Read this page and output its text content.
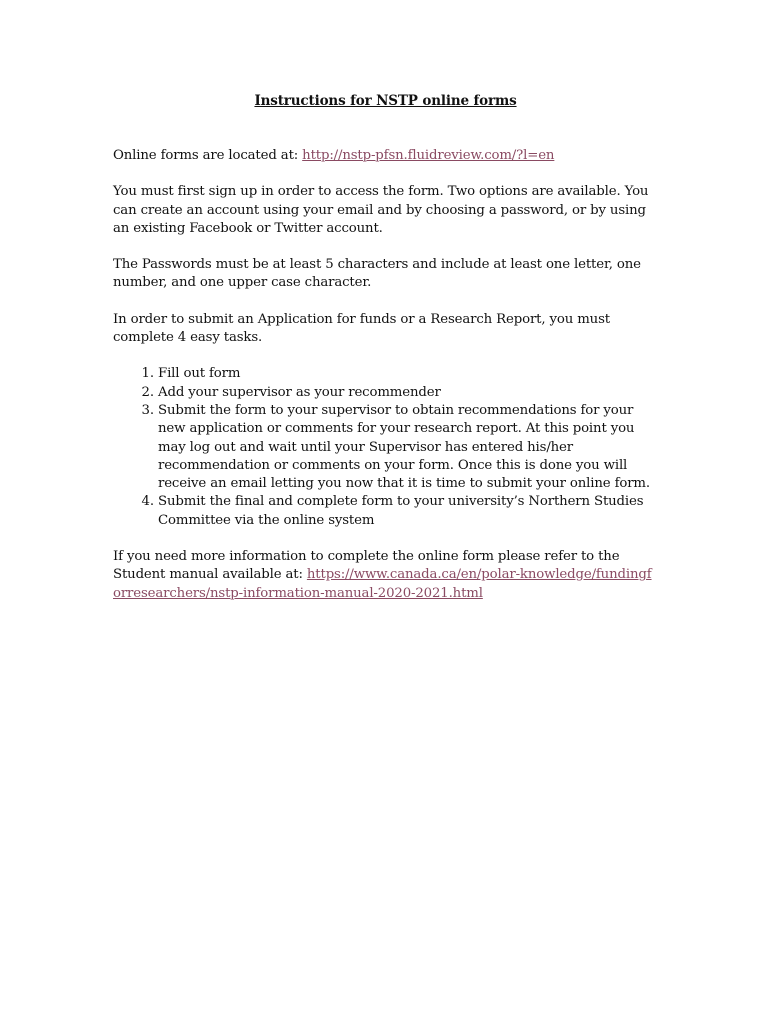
Instructions for NSTP online forms

Online forms are located at: http://nstp-pfsn.fluidreview.com/?l=en

You must first sign up in order to access the form. Two options are available. You can create an account using your email and by choosing a password, or by using an existing Facebook or Twitter account.

The Passwords must be at least 5 characters and include at least one letter, one number, and one upper case character.

In order to submit an Application for funds or a Research Report, you must complete 4 easy tasks.

1. Fill out form
2. Add your supervisor as your recommender
3. Submit the form to your supervisor to obtain recommendations for your new application or comments for your research report. At this point you may log out and wait until your Supervisor has entered his/her recommendation or comments on your form. Once this is done you will receive an email letting you now that it is time to submit your online form.
4. Submit the final and complete form to your university’s Northern Studies Committee via the online system

If you need more information to complete the online form please refer to the Student manual available at: https://www.canada.ca/en/polar-knowledge/fundingforresearchers/nstp-information-manual-2020-2021.html
